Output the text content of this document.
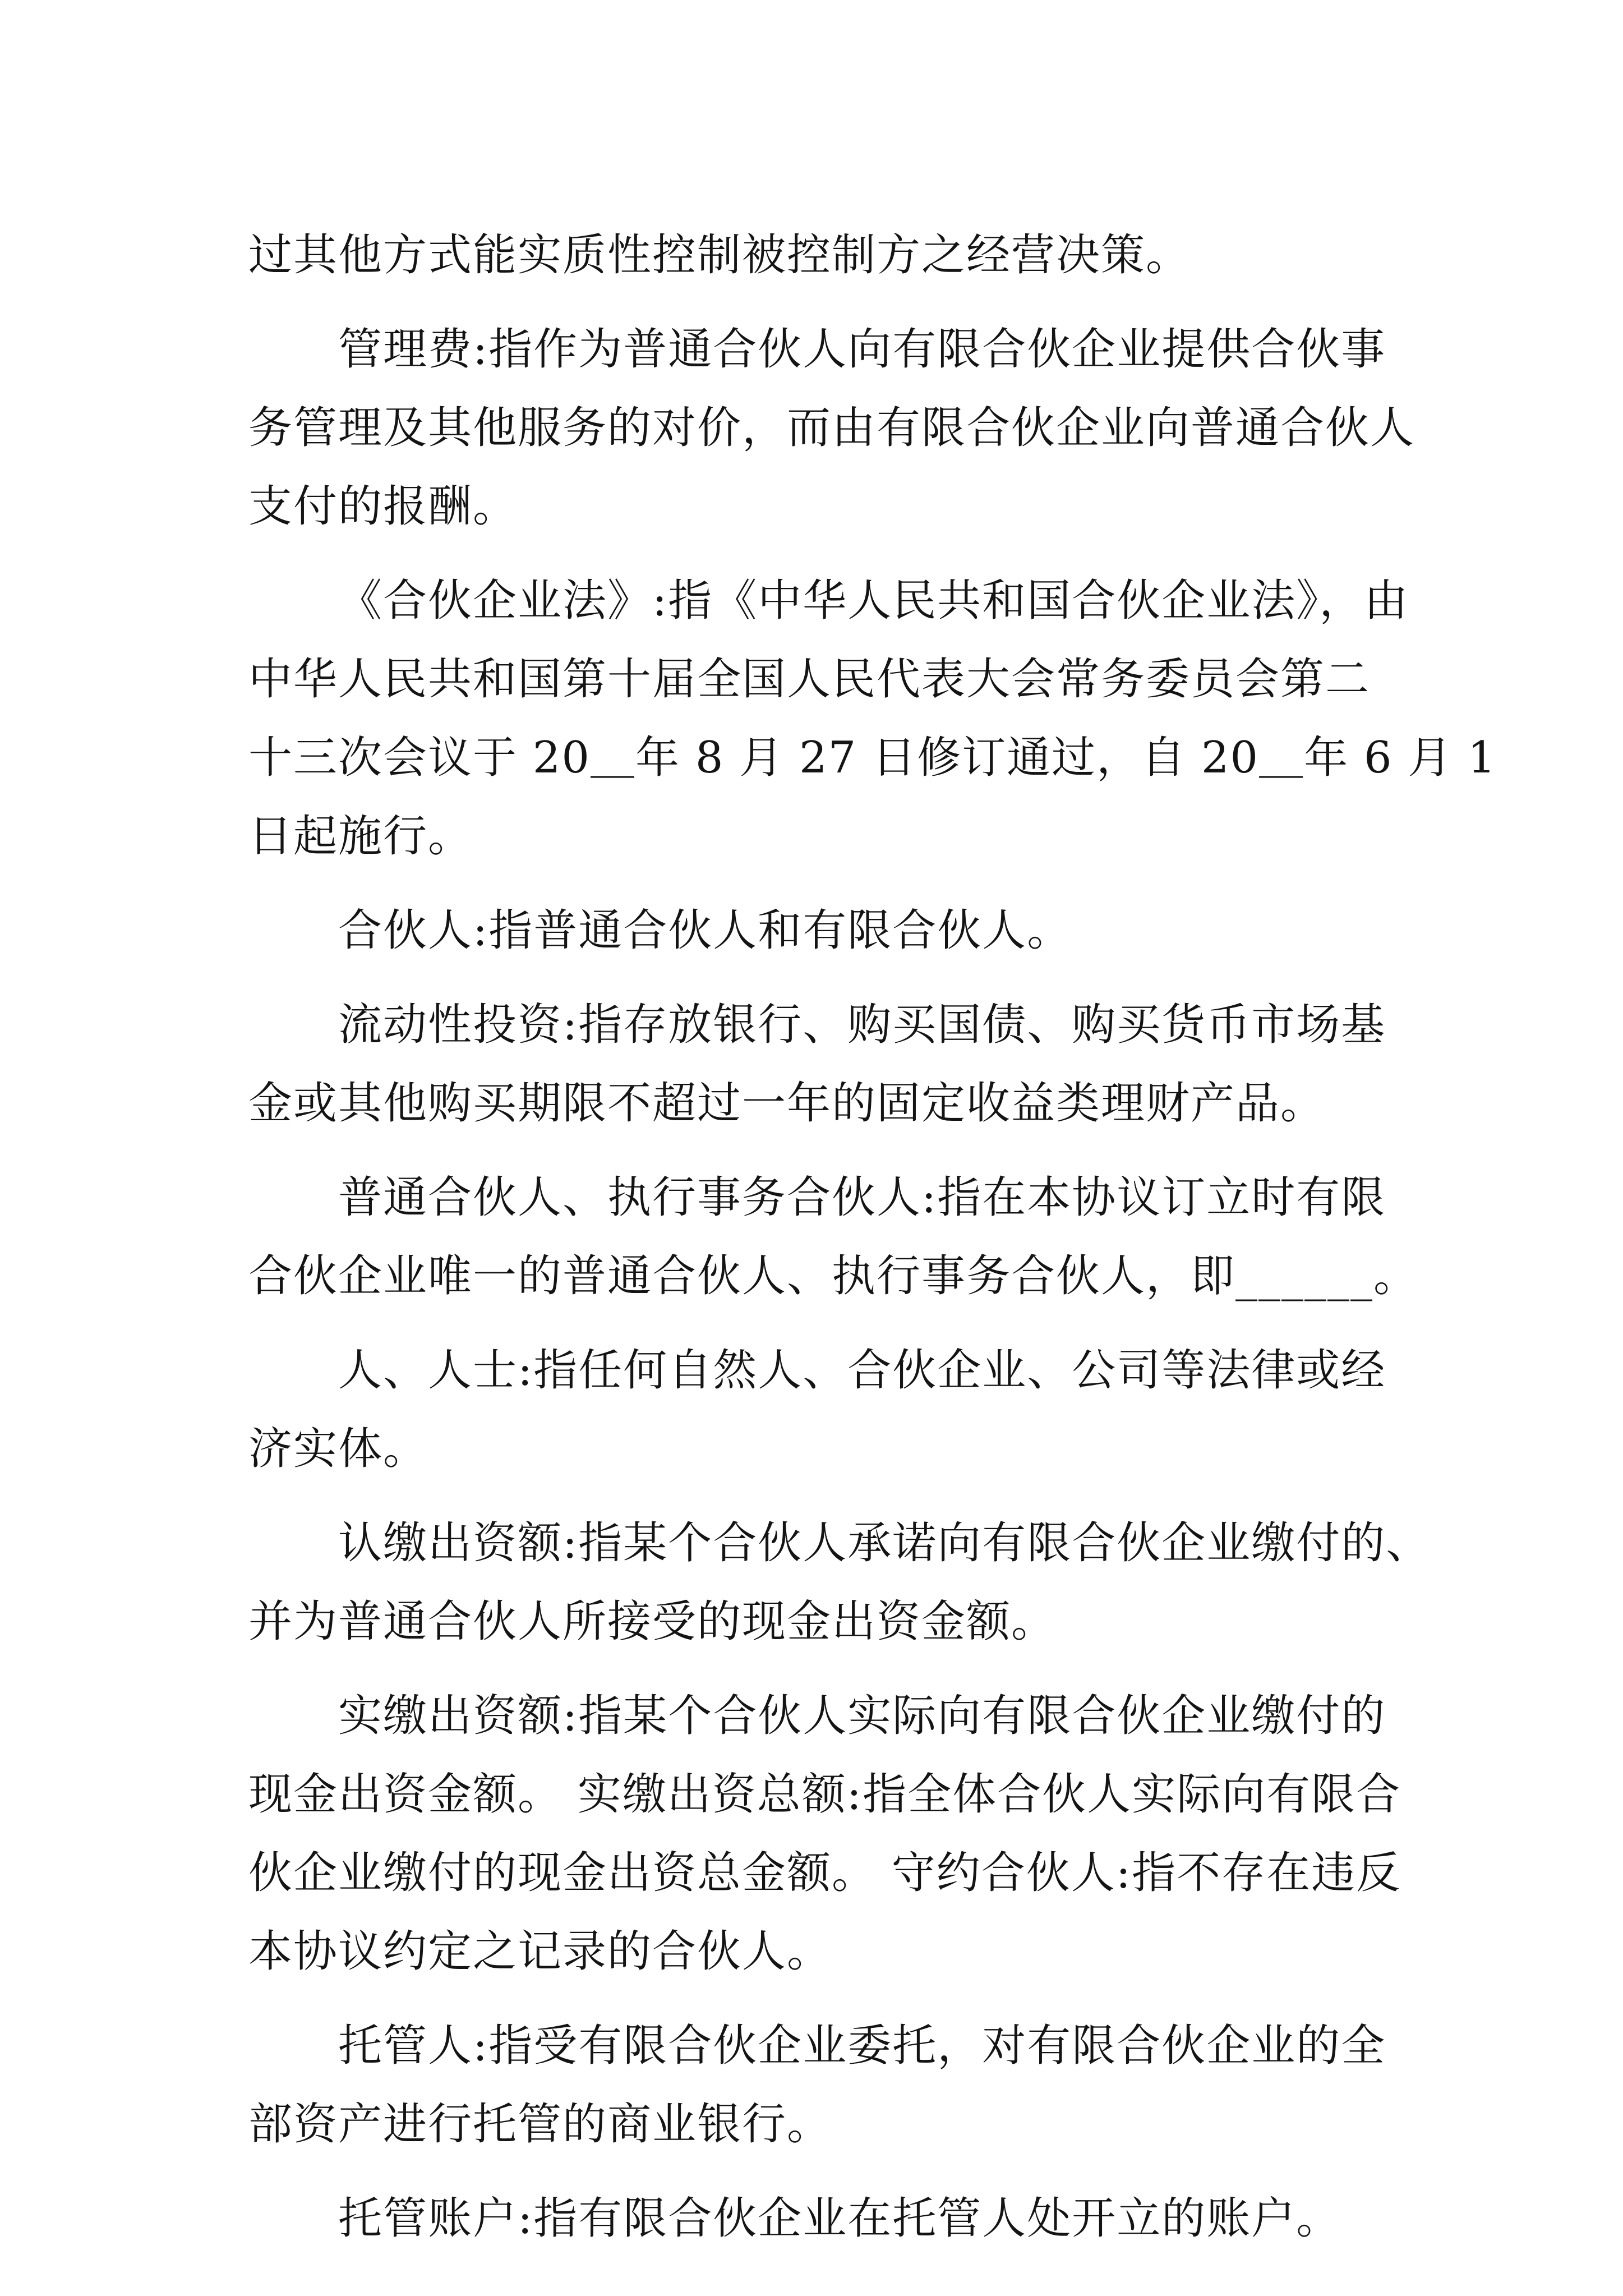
过其他方式能实质性控制被控制方之经营决策。
管理费:指作为普通合伙人向有限合伙企业提供合伙事
务管理及其他服务的对价，而由有限合伙企业向普通合伙人
支付的报酬。
《合伙企业法》:指《中华人民共和国合伙企业法》，由
中华人民共和国第十届全国人民代表大会常务委员会第二
十三次会议于 20＿年 8 月 27 日修订通过，自 20＿年 6 月 1
日起施行。
合伙人:指普通合伙人和有限合伙人。
流动性投资:指存放银行、购买国债、购买货币市场基
金或其他购买期限不超过一年的固定收益类理财产品。
普通合伙人、执行事务合伙人:指在本协议订立时有限
合伙企业唯一的普通合伙人、执行事务合伙人，即______。
人、人士:指任何自然人、合伙企业、公司等法律或经
济实体。
认缴出资额:指某个合伙人承诺向有限合伙企业缴付的、
并为普通合伙人所接受的现金出资金额。
实缴出资额:指某个合伙人实际向有限合伙企业缴付的
现金出资金额。 实缴出资总额:指全体合伙人实际向有限合
伙企业缴付的现金出资总金额。 守约合伙人:指不存在违反
本协议约定之记录的合伙人。
托管人:指受有限合伙企业委托，对有限合伙企业的全
部资产进行托管的商业银行。
托管账户:指有限合伙企业在托管人处开立的账户。
